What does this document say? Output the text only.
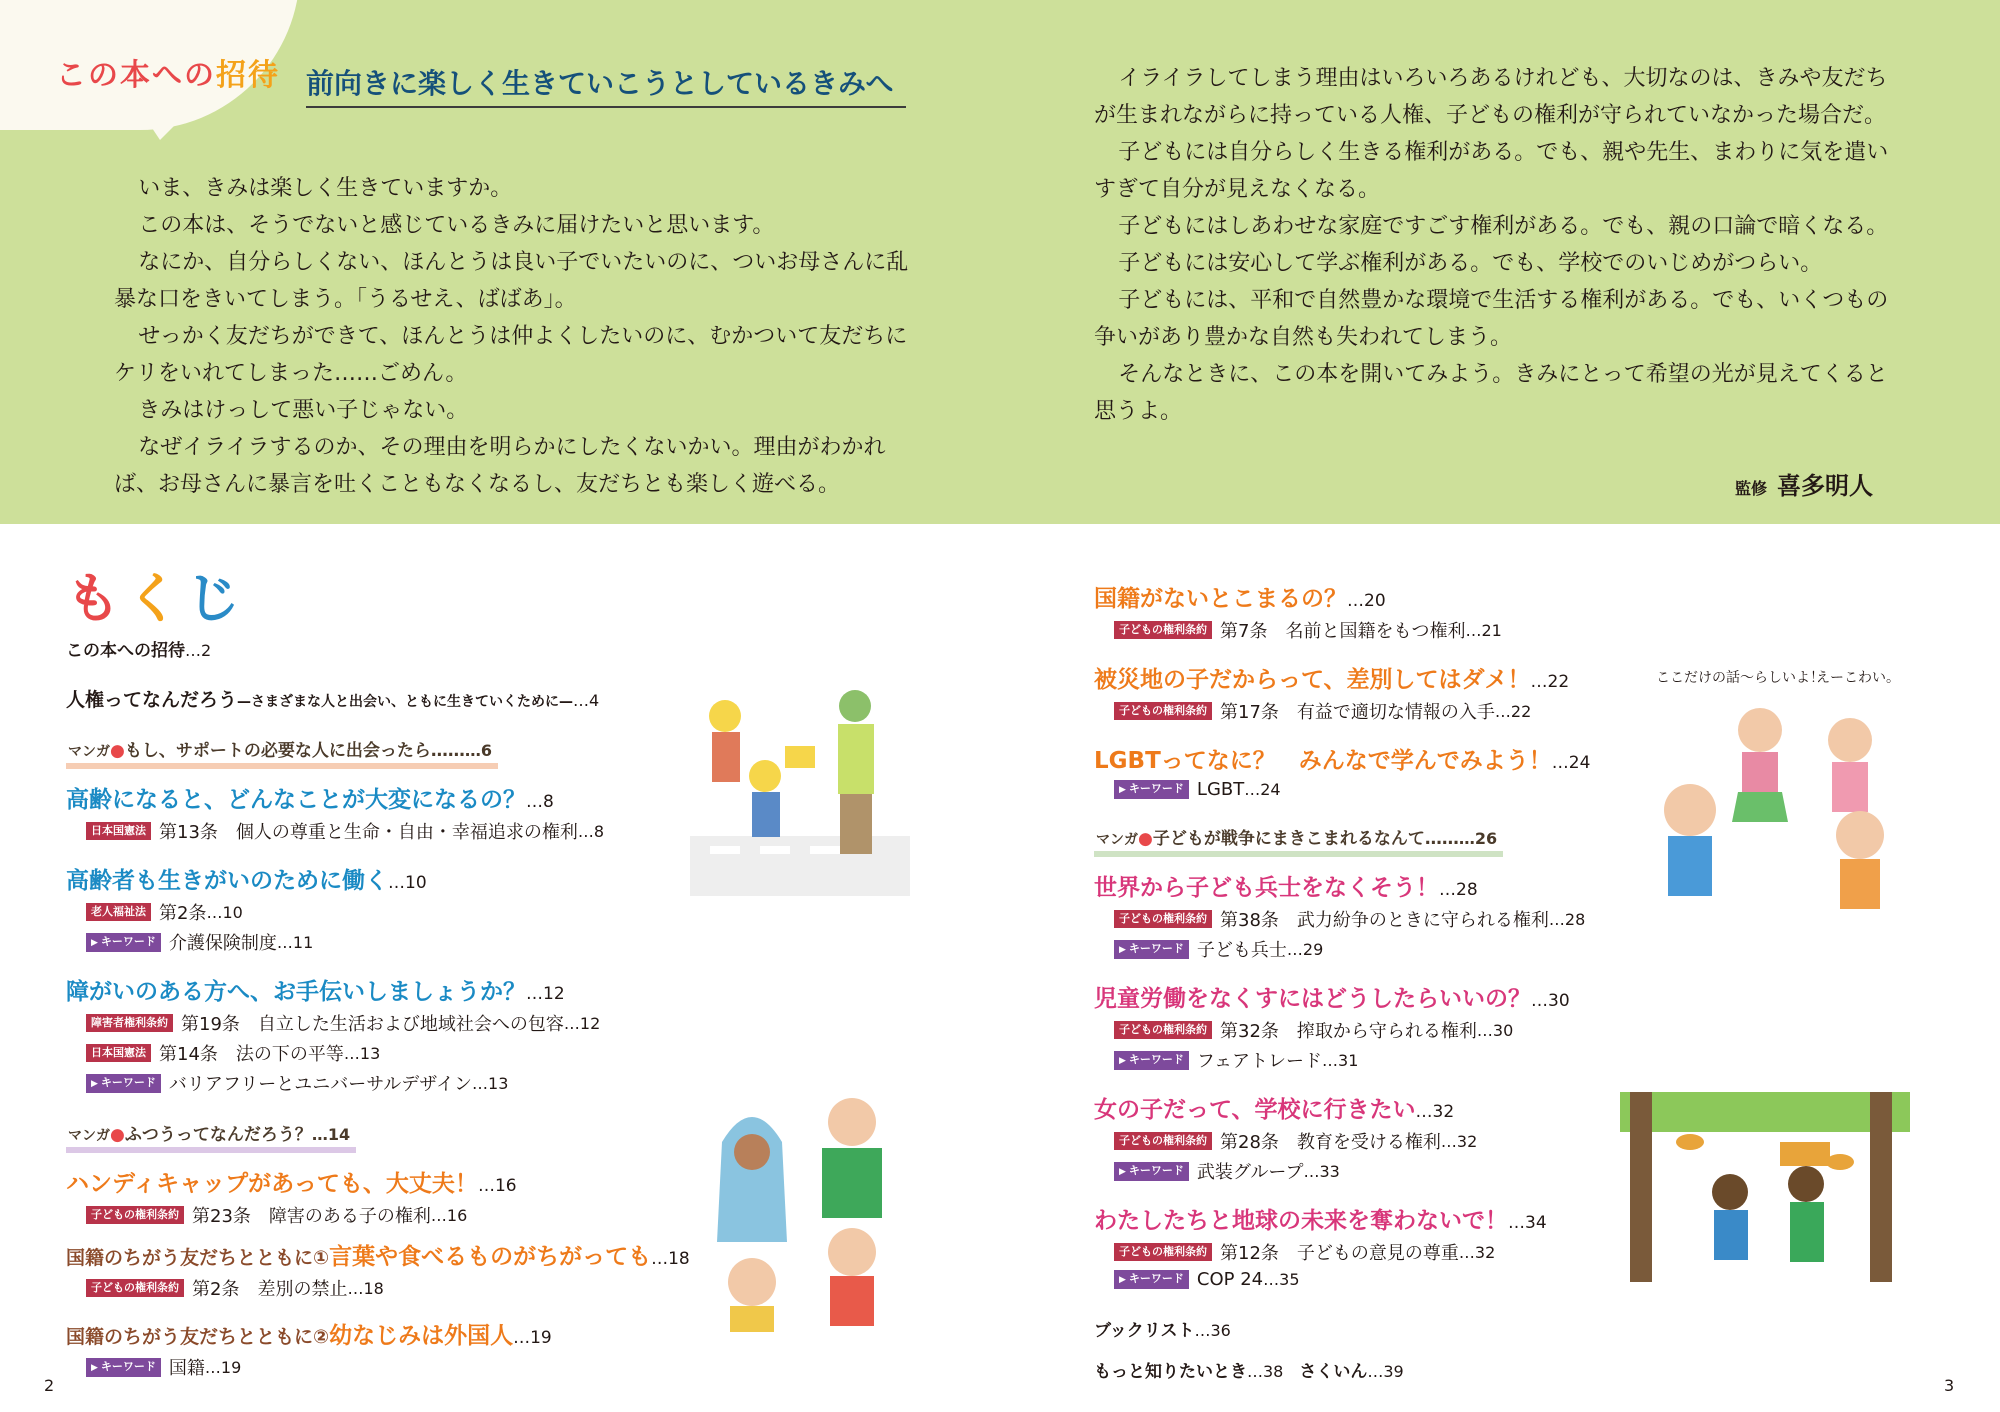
この本への招待 前向きに楽しく生きていこうとしているきみへ

いま、きみは楽しく生きていますか。

この本は、そうでないと感じているきみに届けたいと思います。

なにか、自分らしくない、ほんとうは良い子でいたいのに、ついお母さんに乱暴な口をきいてしまう。「うるせえ、ばばあ」。

せっかく友だちができて、ほんとうは仲よくしたいのに、むかついて友だちにケリをいれてしまった……ごめん。

きみはけっして悪い子じゃない。

なぜイライラするのか、その理由を明らかにしたくないかい。理由がわかれば、お母さんに暴言を吐くこともなくなるし、友だちとも楽しく遊べる。

イライラしてしまう理由はいろいろあるけれども、大切なのは、きみや友だちが生まれながらに持っている人権、子どもの権利が守られていなかった場合だ。

子どもには自分らしく生きる権利がある。でも、親や先生、まわりに気を遣いすぎて自分が見えなくなる。

子どもにはしあわせな家庭ですごす権利がある。でも、親の口論で暗くなる。

子どもには安心して学ぶ権利がある。でも、学校でのいじめがつらい。

子どもには、平和で自然豊かな環境で生活する権利がある。でも、いくつもの争いがあり豊かな自然も失われてしまう。

そんなときに、この本を開いてみよう。きみにとって希望の光が見えてくると思うよ。

監修 喜多明人
もくじ
この本への招待…2
人権ってなんだろう—さまざまな人と出会い、ともに生きていくために—…4
マンガ●もし、サポートの必要な人に出会ったら………6
高齢になると、どんなことが大変になるの？…8
日本国憲法 第13条　個人の尊重と生命・自由・幸福追求の権利 …8
高齢者も生きがいのために働く…10
老人福祉法 第2条 …10
▶ キーワード 介護保険制度 …11
障がいのある方へ、お手伝いしましょうか？…12
障害者権利条約 第19条　自立した生活および地域社会への包容 …12
日本国憲法 第14条　法の下の平等 …13
▶ キーワード バリアフリーとユニバーサルデザイン …13
マンガ●ふつうってなんだろう？…14
ハンディキャップがあっても、大丈夫！…16
子どもの権利条約 第23条　障害のある子の権利 …16
国籍のちがう友だちとともに①言葉や食べるものがちがっても…18
子どもの権利条約 第2条　差別の禁止 …18
国籍のちがう友だちとともに②幼なじみは外国人…19
▶ キーワード 国籍 …19
国籍がないとこまるの？…20
子どもの権利条約 第7条　名前と国籍をもつ権利 …21
被災地の子だからって、差別してはダメ！…22
子どもの権利条約 第17条　有益で適切な情報の入手 …22
LGBTってなに？　みんなで学んでみよう！…24
▶ キーワード LGBT …24
マンガ●子どもが戦争にまきこまれるなんて………26
世界から子ども兵士をなくそう！…28
子どもの権利条約 第38条　武力紛争のときに守られる権利 …28
▶ キーワード 子ども兵士 …29
児童労働をなくすにはどうしたらいいの？…30
子どもの権利条約 第32条　搾取から守られる権利 …30
▶ キーワード フェアトレード …31
女の子だって、学校に行きたい…32
子どもの権利条約 第28条　教育を受ける権利 …32
▶ キーワード 武装グループ …33
わたしたちと地球の未来を奪わないで！…34
子どもの権利条約 第12条　子どもの意見の尊重 …32
▶ キーワード COP 24 …35
ブックリスト…36
もっと知りたいとき…38 さくいん…39
ここだけの話〜らしいよ！
えーこわい。
2	3
